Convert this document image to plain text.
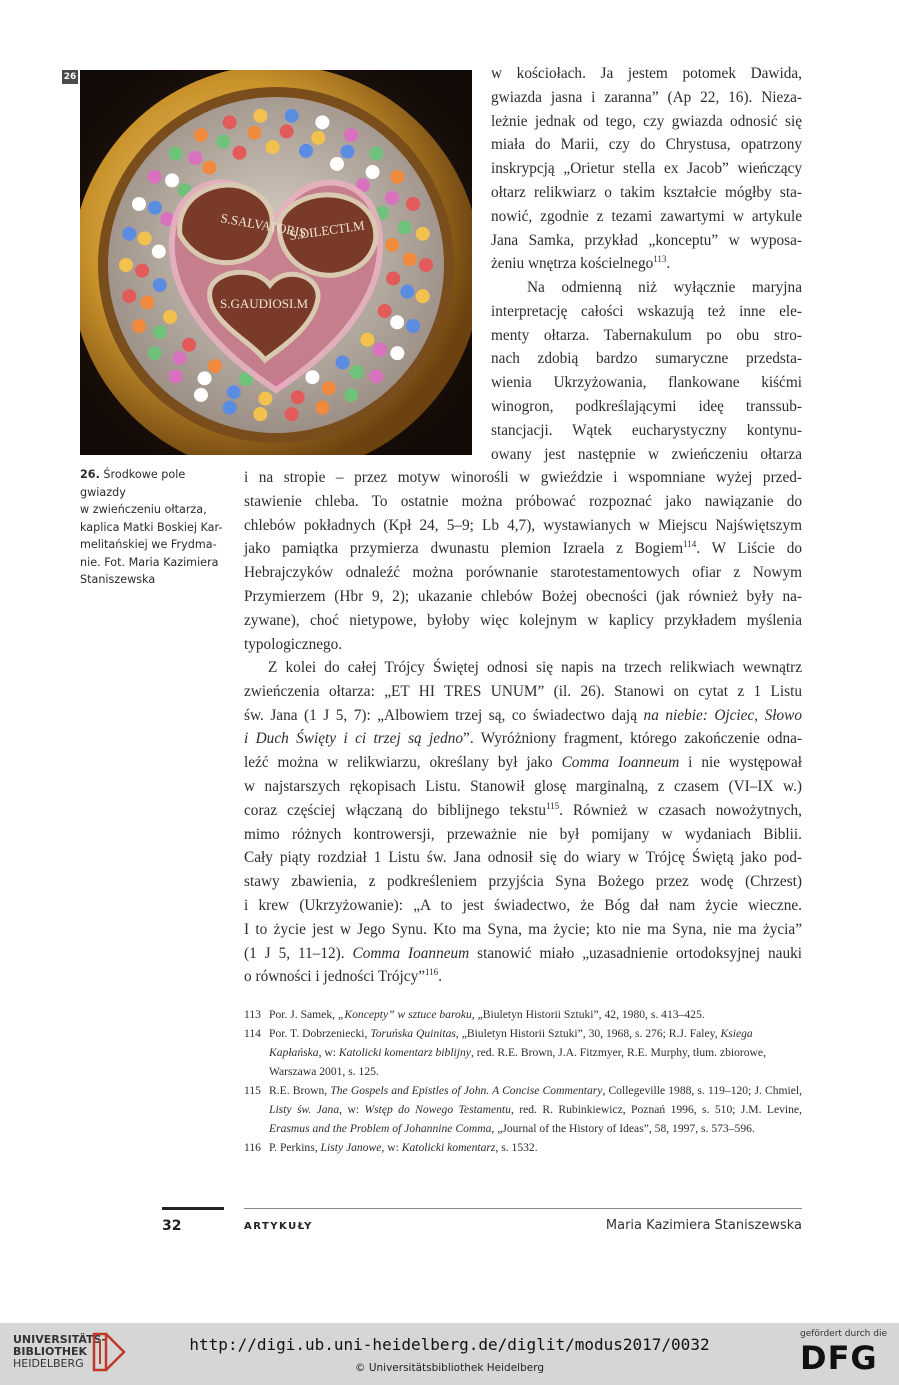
26
S.SALVATORIS
S.DILECTI.M
S.GAUDIOSI.M
26. Środkowe pole gwiazdy
w zwieńczeniu ołtarza,
kaplica Matki Boskiej Kar-
melitańskiej we Frydma-
nie. Fot. Maria Kazimiera
Staniszewska
w kościołach. Ja jestem potomek Dawida,
gwiazda jasna i zaranna” (Ap 22, 16). Nieza-
leżnie jednak od tego, czy gwiazda odnosić się
miała do Marii, czy do Chrystusa, opatrzony
inskrypcją „Orietur stella ex Jacob” wieńczący
ołtarz relikwiarz o takim kształcie mógłby sta-
nowić, zgodnie z tezami zawartymi w artykule
Jana Samka, przykład „konceptu” w wyposa-
żeniu wnętrza kościelnego$^{113}$.
Na odmienną niż wyłącznie maryjna
interpretację całości wskazują też inne ele-
menty ołtarza. Tabernakulum po obu stro-
nach zdobią bardzo sumaryczne przedsta-
wienia Ukrzyżowania, flankowane kiśćmi
winogron, podkreślającymi ideę transsub-
stancjacji. Wątek eucharystyczny kontynu-
owany jest następnie w zwieńczeniu ołtarza
i na stropie – przez motyw winorośli w gwieździe i wspomniane wyżej przed-
stawienie chleba. To ostatnie można próbować rozpoznać jako nawiązanie do
chlebów pokładnych (Kpł 24, 5–9; Lb 4,7), wystawianych w Miejscu Najświętszym
jako pamiątka przymierza dwunastu plemion Izraela z Bogiem$^{114}$. W Liście do
Hebrajczyków odnaleźć można porównanie starotestamentowych ofiar z Nowym
Przymierzem (Hbr 9, 2); ukazanie chlebów Bożej obecności (jak również były na-
zywane), choć nietypowe, byłoby więc kolejnym w kaplicy przykładem myślenia
typologicznego.
Z kolei do całej Trójcy Świętej odnosi się napis na trzech relikwiach wewnątrz
zwieńczenia ołtarza: „ET HI TRES UNUM” (il. 26). Stanowi on cytat z 1 Listu
św. Jana (1 J 5, 7): „Albowiem trzej są, co świadectwo dają na niebie: Ojciec, Słowo
i Duch Święty i ci trzej są jedno”. Wyróżniony fragment, którego zakończenie odna-
leźć można w relikwiarzu, określany był jako Comma Ioanneum i nie występował
w najstarszych rękopisach Listu. Stanowił glosę marginalną, z czasem (VI–IX w.)
coraz częściej włączaną do biblijnego tekstu$^{115}$. Również w czasach nowożytnych,
mimo różnych kontrowersji, przeważnie nie był pomijany w wydaniach Biblii.
Cały piąty rozdział 1 Listu św. Jana odnosił się do wiary w Trójcę Świętą jako pod-
stawy zbawienia, z podkreśleniem przyjścia Syna Bożego przez wodę (Chrzest)
i krew (Ukrzyżowanie): „A to jest świadectwo, że Bóg dał nam życie wieczne.
I to życie jest w Jego Synu. Kto ma Syna, ma życie; kto nie ma Syna, nie ma życia”
(1 J 5, 11–12). Comma Ioanneum stanowić miało „uzasadnienie ortodoksyjnej nauki
o równości i jedności Trójcy”$^{116}$.

113 Por. J. Samek, „Koncepty” w sztuce baroku, „Biuletyn Historii Sztuki”, 42, 1980, s. 413–425.

114 Por. T. Dobrzeniecki, Toruńska Quinitas, „Biuletyn Historii Sztuki”, 30, 1968, s. 276; R.J. Faley, Ksiega Kapłańska, w: Katolicki komentarz biblijny, red. R.E. Brown, J.A. Fitzmyer, R.E. Murphy, tłum. zbiorowe, Warszawa 2001, s. 125.

115 R.E. Brown, The Gospels and Epistles of John. A Concise Commentary, Collegeville 1988, s. 119–120; J. Chmiel, Listy św. Jana, w: Wstęp do Nowego Testamentu, red. R. Rubinkiewicz, Poznań 1996, s. 510; J.M. Levine, Erasmus and the Problem of Johannine Comma, „Journal of the History of Ideas”, 58, 1997, s. 573–596.

116 P. Perkins, Listy Janowe, w: Katolicki komentarz, s. 1532.

32	ARTYKUŁY	Maria Kazimiera Staniszewska
UNIVERSITÄTS-
BIBLIOTHEK
HEIDELBERG
http://digi.ub.uni-heidelberg.de/diglit/modus2017/0032
© Universitätsbibliothek Heidelberg
gefördert durch die
DFG
